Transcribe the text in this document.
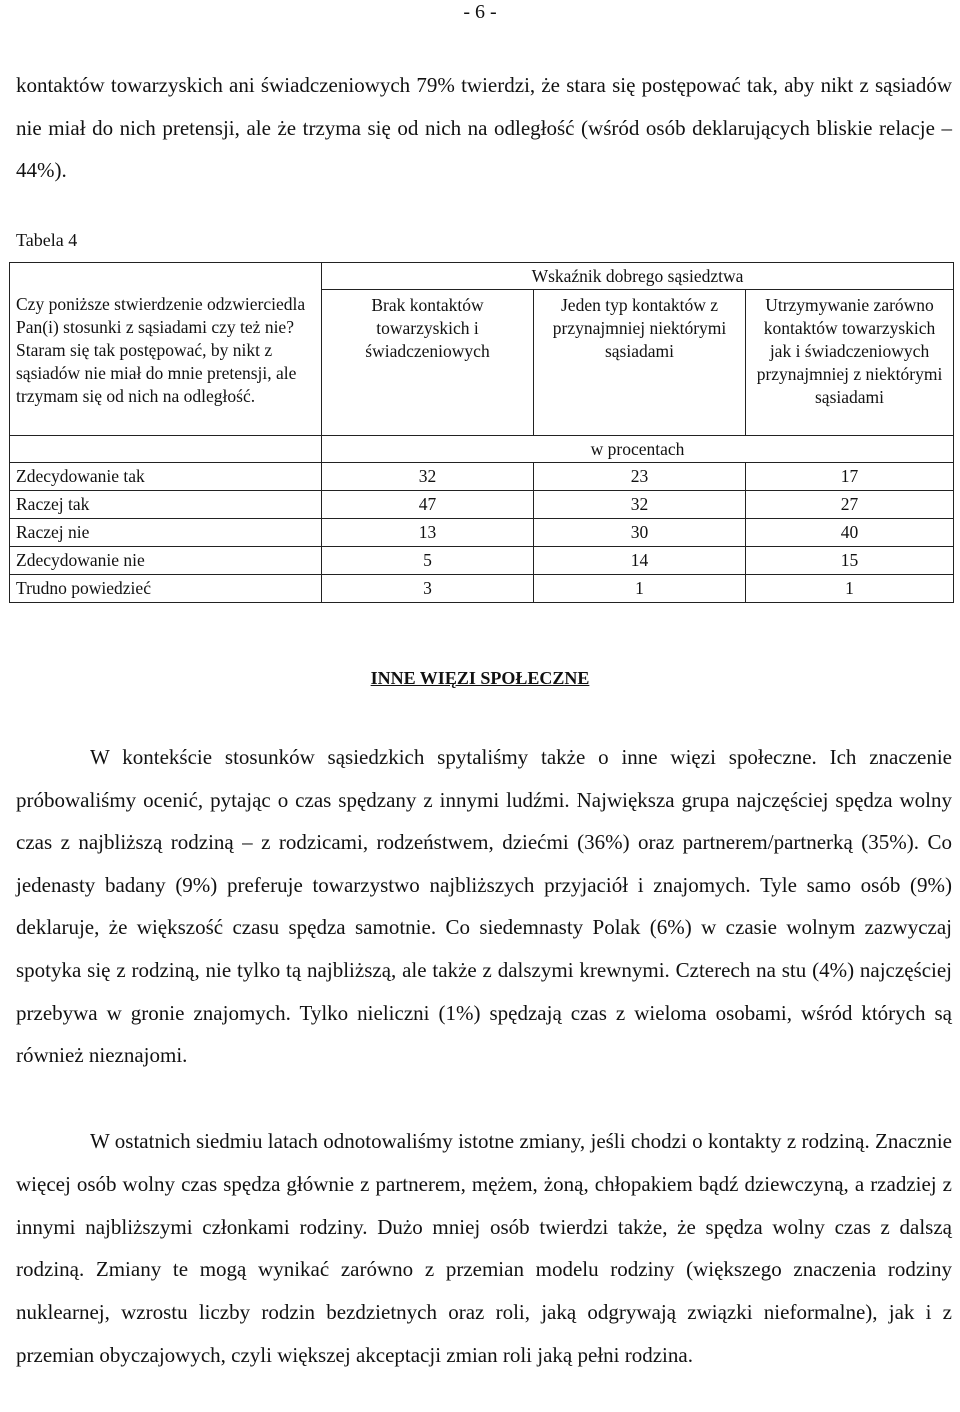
- 6 -

kontaktów towarzyskich ani świadczeniowych 79% twierdzi, że stara się postępować tak, aby nikt z sąsiadów nie miał do nich pretensji, ale że trzyma się od nich na odległość (wśród osób deklarujących bliskie relacje – 44%).

Tabela 4
Czy poniższe stwierdzenie odzwierciedla Pan(i) stosunki z sąsiadami czy też nie? Staram się tak postępować, by nikt z sąsiadów nie miał do mnie pretensji, ale trzymam się od nich na odległość.	Wskaźnik dobrego sąsiedztwa		
	Brak kontaktów towarzyskich i świadczeniowych	Jeden typ kontaktów z przynajmniej niektórymi sąsiadami	Utrzymywanie zarówno kontaktów towarzyskich jak i świadczeniowych przynajmniej z niektórymi sąsiadami
	w procentach		
Zdecydowanie tak	32	23	17
Raczej tak	47	32	27
Raczej nie	13	30	40
Zdecydowanie nie	5	14	15
Trudno powiedzieć	3	1	1
INNE WIĘZI SPOŁECZNE

W kontekście stosunków sąsiedzkich spytaliśmy także o inne więzi społeczne. Ich znaczenie próbowaliśmy ocenić, pytając o czas spędzany z innymi ludźmi. Największa grupa najczęściej spędza wolny czas z najbliższą rodziną – z rodzicami, rodzeństwem, dziećmi (36%) oraz partnerem/partnerką (35%). Co jedenasty badany (9%) preferuje towarzystwo najbliższych przyjaciół i znajomych. Tyle samo osób (9%) deklaruje, że większość czasu spędza samotnie. Co siedemnasty Polak (6%) w czasie wolnym zazwyczaj spotyka się z rodziną, nie tylko tą najbliższą, ale także z dalszymi krewnymi. Czterech na stu (4%) najczęściej przebywa w gronie znajomych. Tylko nieliczni (1%) spędzają czas z wieloma osobami, wśród których są również nieznajomi.

W ostatnich siedmiu latach odnotowaliśmy istotne zmiany, jeśli chodzi o kontakty z rodziną. Znacznie więcej osób wolny czas spędza głównie z partnerem, mężem, żoną, chłopakiem bądź dziewczyną, a rzadziej z innymi najbliższymi członkami rodziny. Dużo mniej osób twierdzi także, że spędza wolny czas z dalszą rodziną. Zmiany te mogą wynikać zarówno z przemian modelu rodziny (większego znaczenia rodziny nuklearnej, wzrostu liczby rodzin bezdzietnych oraz roli, jaką odgrywają związki nieformalne), jak i z przemian obyczajowych, czyli większej akceptacji zmian roli jaką pełni rodzina.
